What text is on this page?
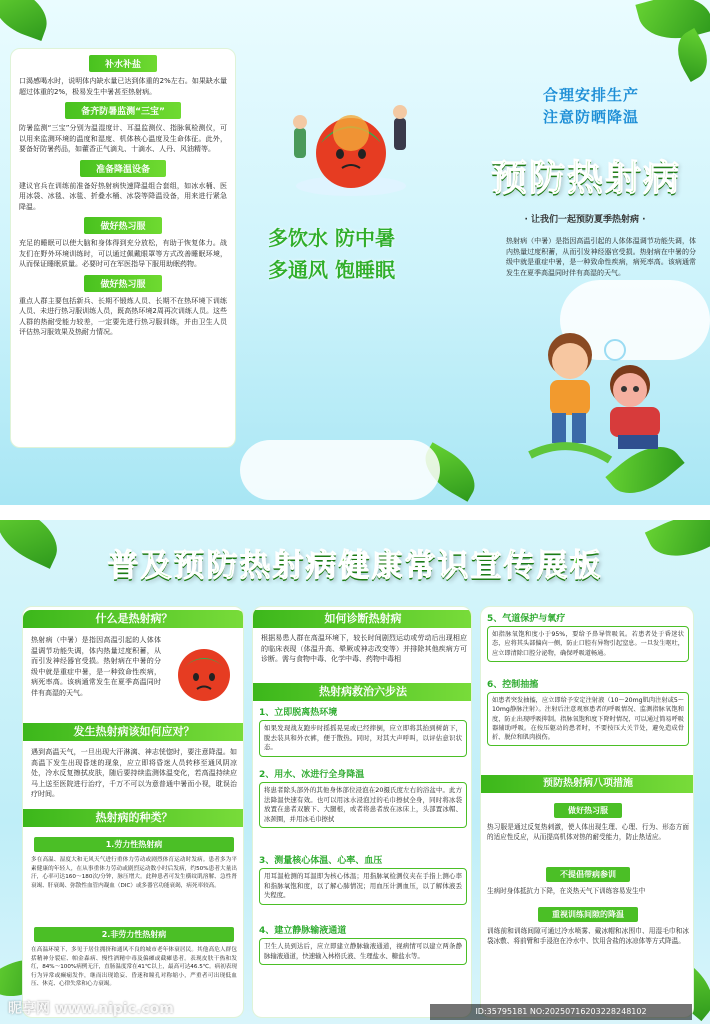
补水补盐

口渴感喝水时，说明体内缺水量已达到体重的2%左右。如果缺水量超过体重的2%，极易发生中暑甚至热射病。

备齐防暑监测“三宝”

防暑监测“三宝”分别为温湿度计、耳温监测仪、指脉氧检测仪，可以用来监测环境的温度和湿度、机体核心温度及生命体征。此外，要备好防暑药品，如藿香正气滴丸、十滴水、人丹、风油精等。

准备降温设备

建议官兵在训练前准备好热射病快速降温组合套组，如冰水桶、医用冰袋、冰毯、冰毯、折叠水桶、冰袋等降温设备，用来进行紧急降温。

做好热习服

充足的睡眠可以使大脑和身体得到充分放松，有助于恢复体力。战友们在野外环境训练时，可以通过佩戴眼罩等方式改善睡眠环境，从而保证睡眠质量。必要时可在军医指导下服用助眠药物。

做好热习服

重点人群主要包括新兵、长期不锻炼人员、长期不在热环境下训练人员、未进行热习服训练人员，既高热环境2周再次训练人员。这些人群的热耐受能力较差，一定要先进行热习服训练，并由卫生人员评估热习服效果及热耐力情况。

合理安排生产
注意防晒降温
预防热射病
· 让我们一起预防夏季热射病 ·
多饮水 防中暑
多通风 饱睡眠

热射病（中暑）是指因高温引起的人体体温调节功能失调，体内热量过度积蓄，从而引发神经器官受损。热射病在中暑的分级中就是重症中暑，是一种致命性疾病，病死率高。该病通常发生在夏季高温同时伴有高湿的天气。

普及预防热射病健康常识宣传展板
什么是热射病？

热射病（中暑）是指因高温引起的人体体温调节功能失调，体内热量过度积蓄，从而引发神经器官受损。热射病在中暑的分级中就是重症中暑，是一种致命性疾病，病死率高。该病通常发生在夏季高温同时伴有高湿的天气。

发生热射病该如何应对？

遇到高温天气，一旦出现大汗淋漓、神志恍惚时，要注意降温。如高温下发生出现昏迷的现象，应立即将昏迷人员转移至通风阴凉处，冷水反复擦拭皮肤，随后要持续监测体温变化，若高温持续应马上送至医院进行治疗，千万不可以为意普通中暑而小视，耽误治疗时间。

热射病的种类？
1.劳力性热射病

多在高温、湿度大和无风天气进行重体力劳动或剧烈体育运动时发病。患者多为平素健康的年轻人，在从事重体力劳动或剧烈运动数小时后发病，约50%患者大量出汗，心率可达160～180次/分钟，脉压增大。此种患者可发生横纹肌溶解、急性肾衰竭、肝衰竭、弥散性血管内凝血（DIC）或多器官功能衰竭，病死率较高。

2.非劳力性热射病

在高温环境下，多见于居住拥挤和通风不良的城市老年体衰居民。其他高危人群包括精神分裂症、帕金森病、慢性酒精中毒及偏瘫或截瘫患者。表现皮肤干热和发红，84%～100%病例无汗，直肠温度常在41℃以上，最高可达46.5℃。病初表现行为异常或癫痫发作，继而出现谵妄、昏迷和瞳孔对称缩小，严重者可出现低血压、休克、心律失常和心力衰竭。

如何诊断热射病

根据易患人群在高温环境下，较长时间剧烈运动或劳动后出现相应的临床表现（体温升高、晕厥或神志改变等）并排除其他疾病方可诊断。需与食物中毒、化学中毒、药物中毒相

热射病救治六步法
1、立即脱离热环境

如果发现战友跑步时摇摇晃晃或已经摔倒，应立即将其抬到树荫下，脱去装具和外衣裤，便于散热。同时，对其大声呼叫，以评估意识状态。

2、用水、冰进行全身降温

将患者除头部外的其他身体部位浸泡在20摄氏度左右的浴盆中。此方法降温快速有效。也可以用冰水浸泡过的毛巾擦拭全身，同时将冰袋放置在患者双腋下、大腿根，或者将患者放在冰床上，头部置冰帽、冰颈圈，并用冰毛巾擦拭

3、测量核心体温、心率、血压

用耳温枪测的耳温即为核心体温；用指脉氧检测仪夹在手指上测心率和指脉氧饱和度，以了解心肺情况；用血压计测血压，以了解体液丢失程度。

4、建立静脉输液通道

卫生人员到达后，应立即建立静脉输液通道，视病情可以建立两条静脉输液通道，快速输入林格氏液、生理盐水、糖盐水等。

5、气道保护与氧疗

如指脉氧饱和度小于95%，要给予鼻导管吸氧。若患者处于昏迷状态，应将其头部偏向一侧，防止口腔有异物引起窒息。一旦发生呕吐，应立即清除口腔分泌物，确保呼吸道畅通。

6、控制抽搐

如患者突发抽搐，应立即给予安定注射液（10～20mg肌肉注射或5～10mg静脉注射）。注射后注意观察患者的呼吸情况、监测指脉氧饱和度，防止出现呼吸抑制。指脉氧饱和度下降时情况，可以通过简易呼吸器辅助呼吸。在按压躯动的患者时，不要按压大关节处，避免造成骨折、脱位和肌肉损伤。

预防热射病八项措施
做好热习服

热习服是通过反复热刺激，使人体出现生理、心理、行为、形态方面的适应性反应，从而提高机体对热的耐受能力，防止热适应。

不提倡带病参训

生病时身体抵抗力下降，在炎热天气下训练容易发生中

重视训练间隙的降温

训练前和训练间隙可通过冷水喷雾、戴冰帽和冰围巾、用湿毛巾和冰袋冰敷、将前臂和手浸泡在冷水中、饮用含盐的冰凉体等方式降温。

昵享网 www.nipic.com	ID:35795181 NO:20250716203228248102
